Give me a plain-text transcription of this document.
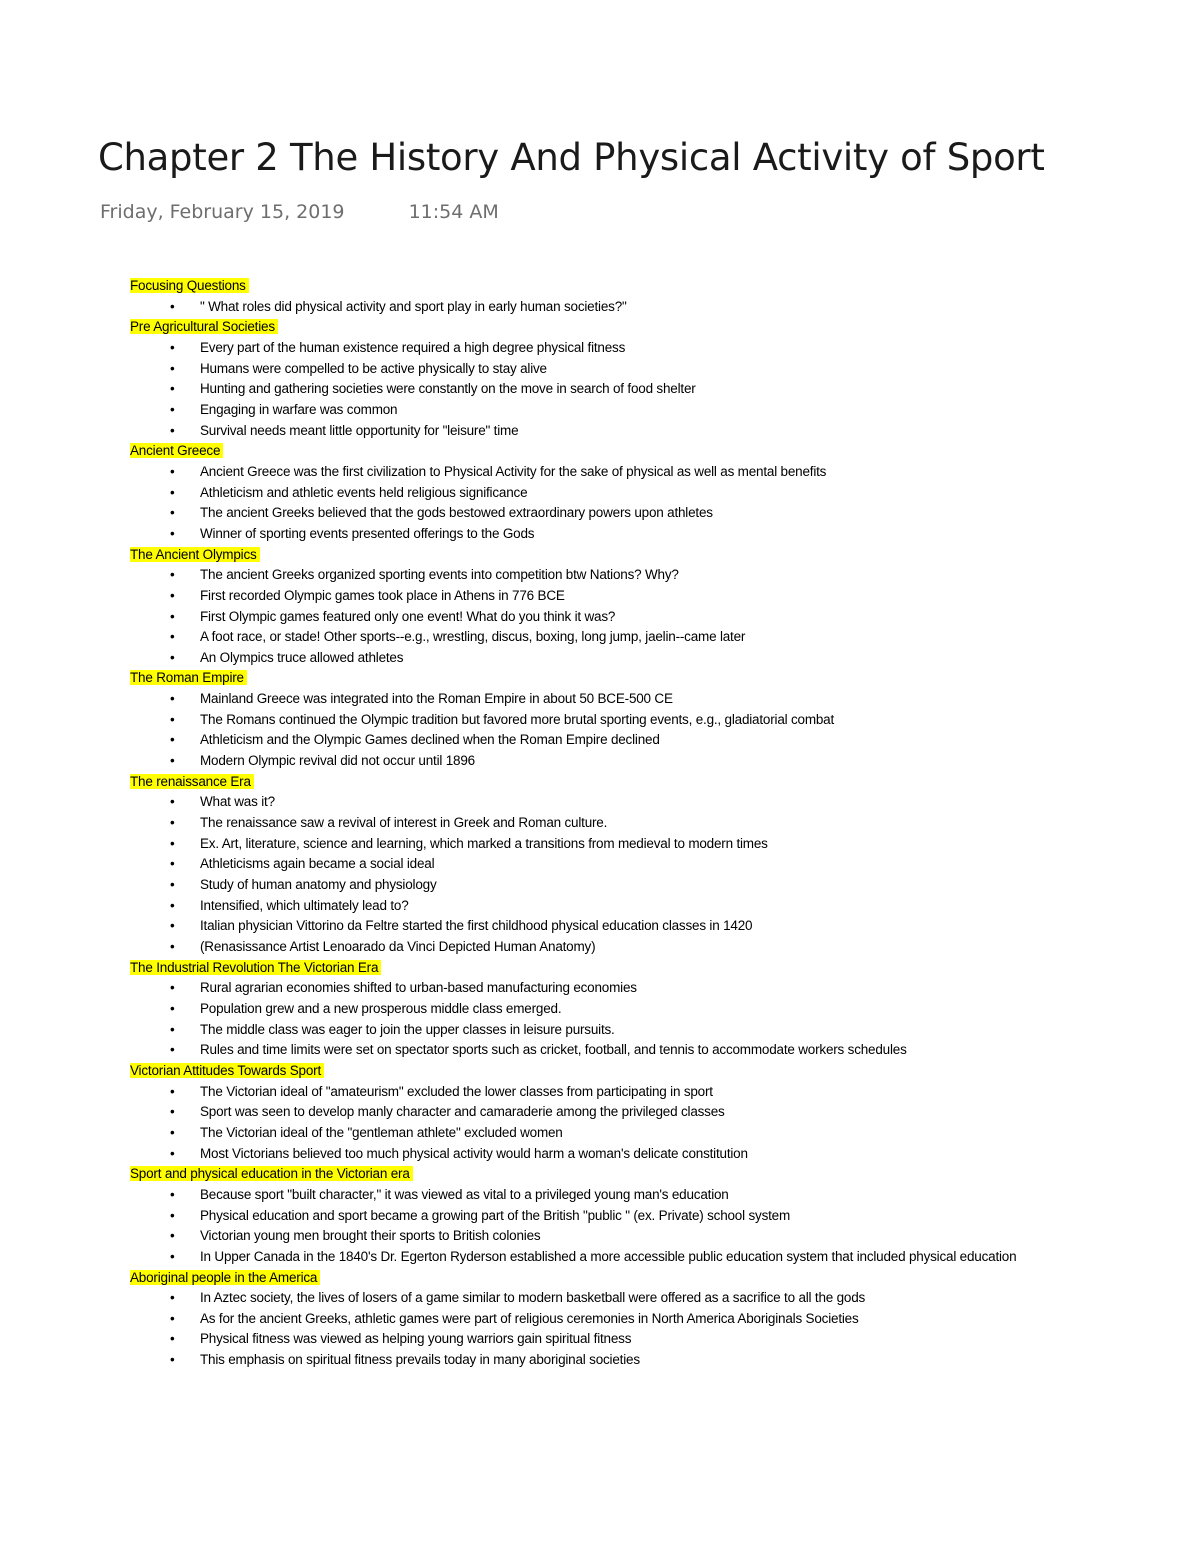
Chapter 2 The History And Physical Activity of Sport
Friday, February 15, 2019	11:54 AM
Focusing Questions
• " What roles did physical activity and sport play in early human societies?"
Pre Agricultural Societies
• Every part of the human existence required a high degree physical fitness
• Humans were compelled to be active physically to stay alive
• Hunting and gathering societies were constantly on the move in search of food shelter
• Engaging in warfare was common
• Survival needs meant little opportunity for "leisure" time
Ancient Greece
• Ancient Greece was the first civilization to Physical Activity for the sake of physical as well as mental benefits
• Athleticism and athletic events held religious significance
• The ancient Greeks believed that the gods bestowed extraordinary powers upon athletes
• Winner of sporting events presented offerings to the Gods
The Ancient Olympics
• The ancient Greeks organized sporting events into competition btw Nations? Why?
• First recorded Olympic games took place in Athens in 776 BCE
• First Olympic games featured only one event! What do you think it was?
• A foot race, or stade! Other sports--e.g., wrestling, discus, boxing, long jump, jaelin--came later
• An Olympics truce allowed athletes
The Roman Empire
• Mainland Greece was integrated into the Roman Empire in about 50 BCE-500 CE
• The Romans continued the Olympic tradition but favored more brutal sporting events, e.g., gladiatorial combat
• Athleticism and the Olympic Games declined when the Roman Empire declined
• Modern Olympic revival did not occur until 1896
The renaissance Era
• What was it?
• The renaissance saw a revival of interest in Greek and Roman culture.
• Ex. Art, literature, science and learning, which marked a transitions from medieval to modern times
• Athleticisms again became a social ideal
• Study of human anatomy and physiology
• Intensified, which ultimately lead to?
• Italian physician Vittorino da Feltre started the first childhood physical education classes in 1420
• (Renasissance Artist Lenoarado da Vinci Depicted Human Anatomy)
The Industrial Revolution The Victorian Era
• Rural agrarian economies shifted to urban-based manufacturing economies
• Population grew and a new prosperous middle class emerged.
• The middle class was eager to join the upper classes in leisure pursuits.
• Rules and time limits were set on spectator sports such as cricket, football, and tennis to accommodate workers schedules
Victorian Attitudes Towards Sport
• The Victorian ideal of "amateurism" excluded the lower classes from participating in sport
• Sport was seen to develop manly character and camaraderie among the privileged classes
• The Victorian ideal of the "gentleman athlete" excluded women
• Most Victorians believed too much physical activity would harm a woman's delicate constitution
Sport and physical education in the Victorian era
• Because sport "built character," it was viewed as vital to a privileged young man's education
• Physical education and sport became a growing part of the British "public " (ex. Private) school system
• Victorian young men brought their sports to British colonies
• In Upper Canada in the 1840's Dr. Egerton Ryderson established a more accessible public education system that included physical education
Aboriginal people in the America
• In Aztec society, the lives of losers of a game similar to modern basketball were offered as a sacrifice to all the gods
• As for the ancient Greeks, athletic games were part of religious ceremonies in North America Aboriginals Societies
• Physical fitness was viewed as helping young warriors gain spiritual fitness
• This emphasis on spiritual fitness prevails today in many aboriginal societies
